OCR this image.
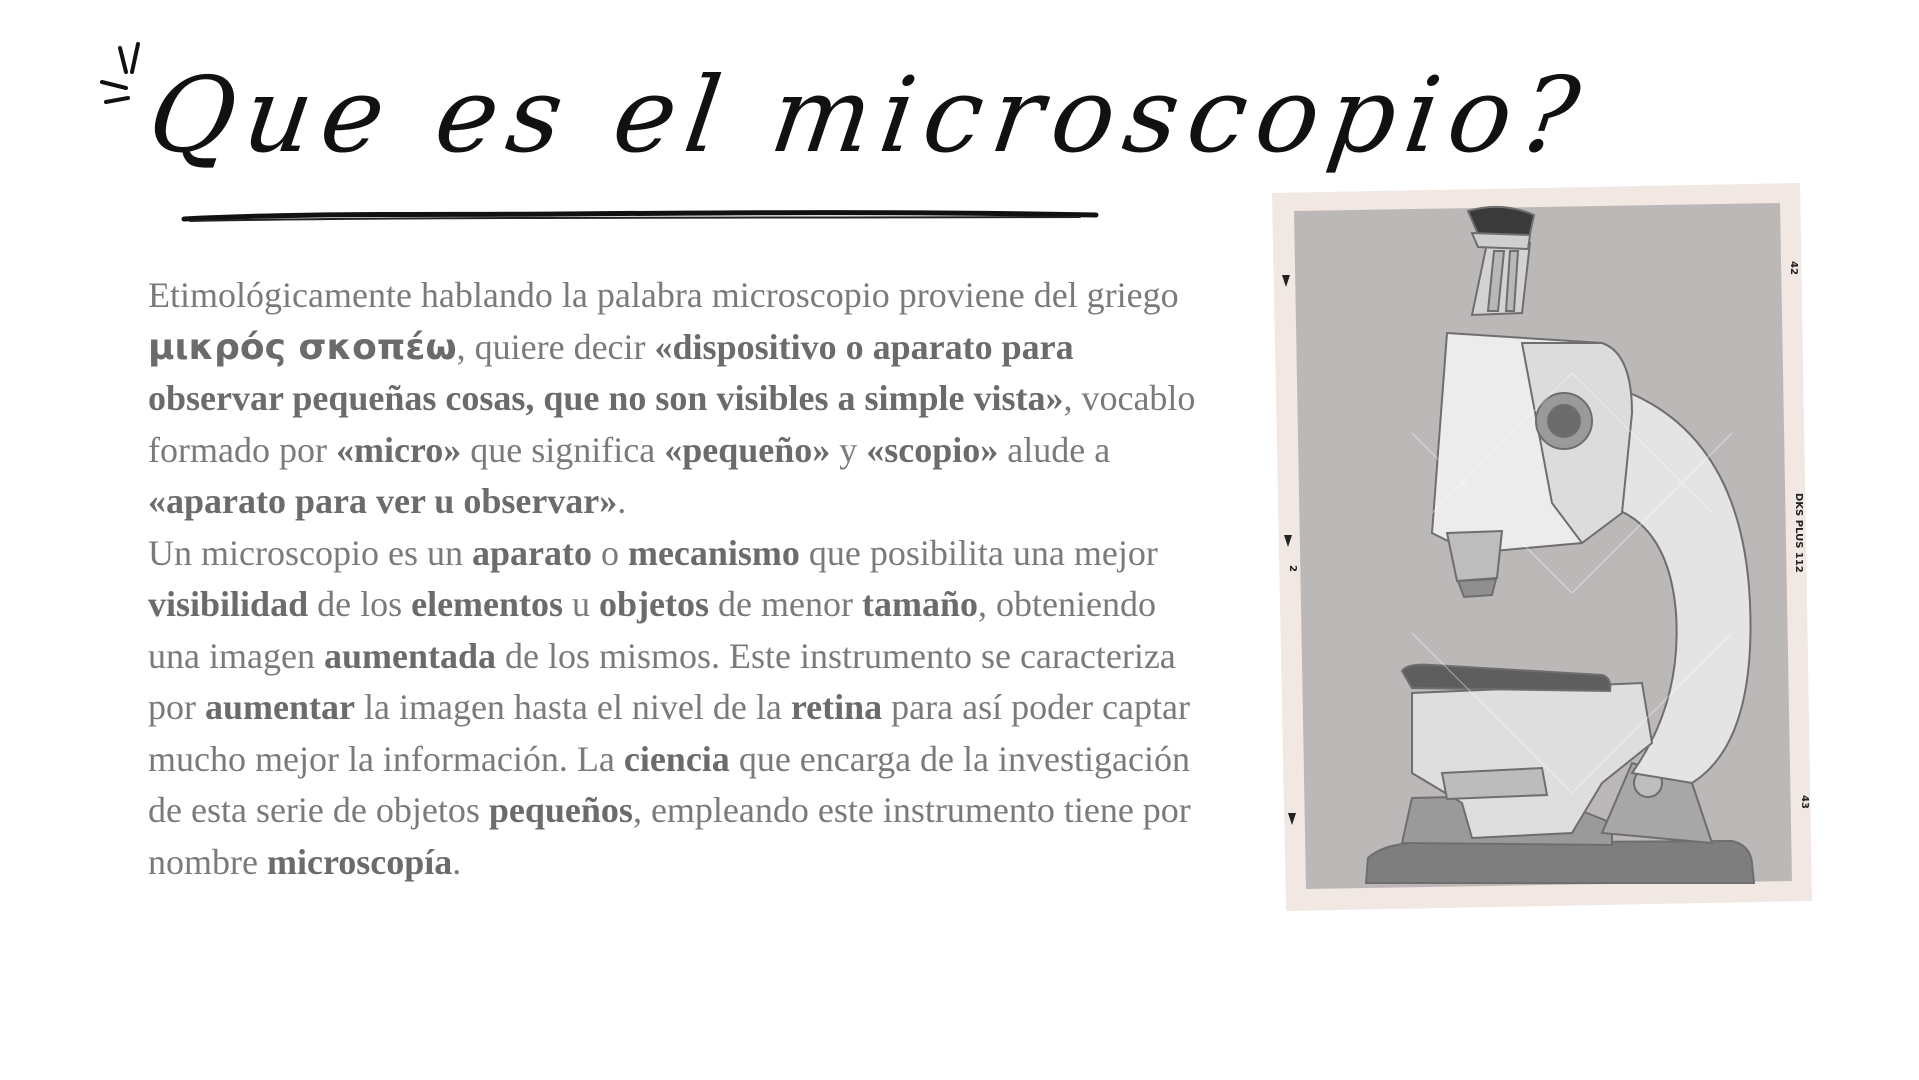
Que es el microscopio?

Etimológicamente hablando la palabra microscopio proviene del griego μικρός σκοπέω, quiere decir «dispositivo o aparato para observar pequeñas cosas, que no son visibles a simple vista», vocablo formado por «micro» que significa «pequeño» y «scopio» alude a «aparato para ver u observar».

Un microscopio es un aparato o mecanismo que posibilita una mejor visibilidad de los elementos u objetos de menor tamaño, obteniendo una imagen aumentada de los mismos. Este instrumento se caracteriza por aumentar la imagen hasta el nivel de la retina para así poder captar mucho mejor la información. La ciencia que encarga de la investigación de esta serie de objetos pequeños, empleando este instrumento tiene por nombre microscopía.

2
42
DKS PLUS 112
43
